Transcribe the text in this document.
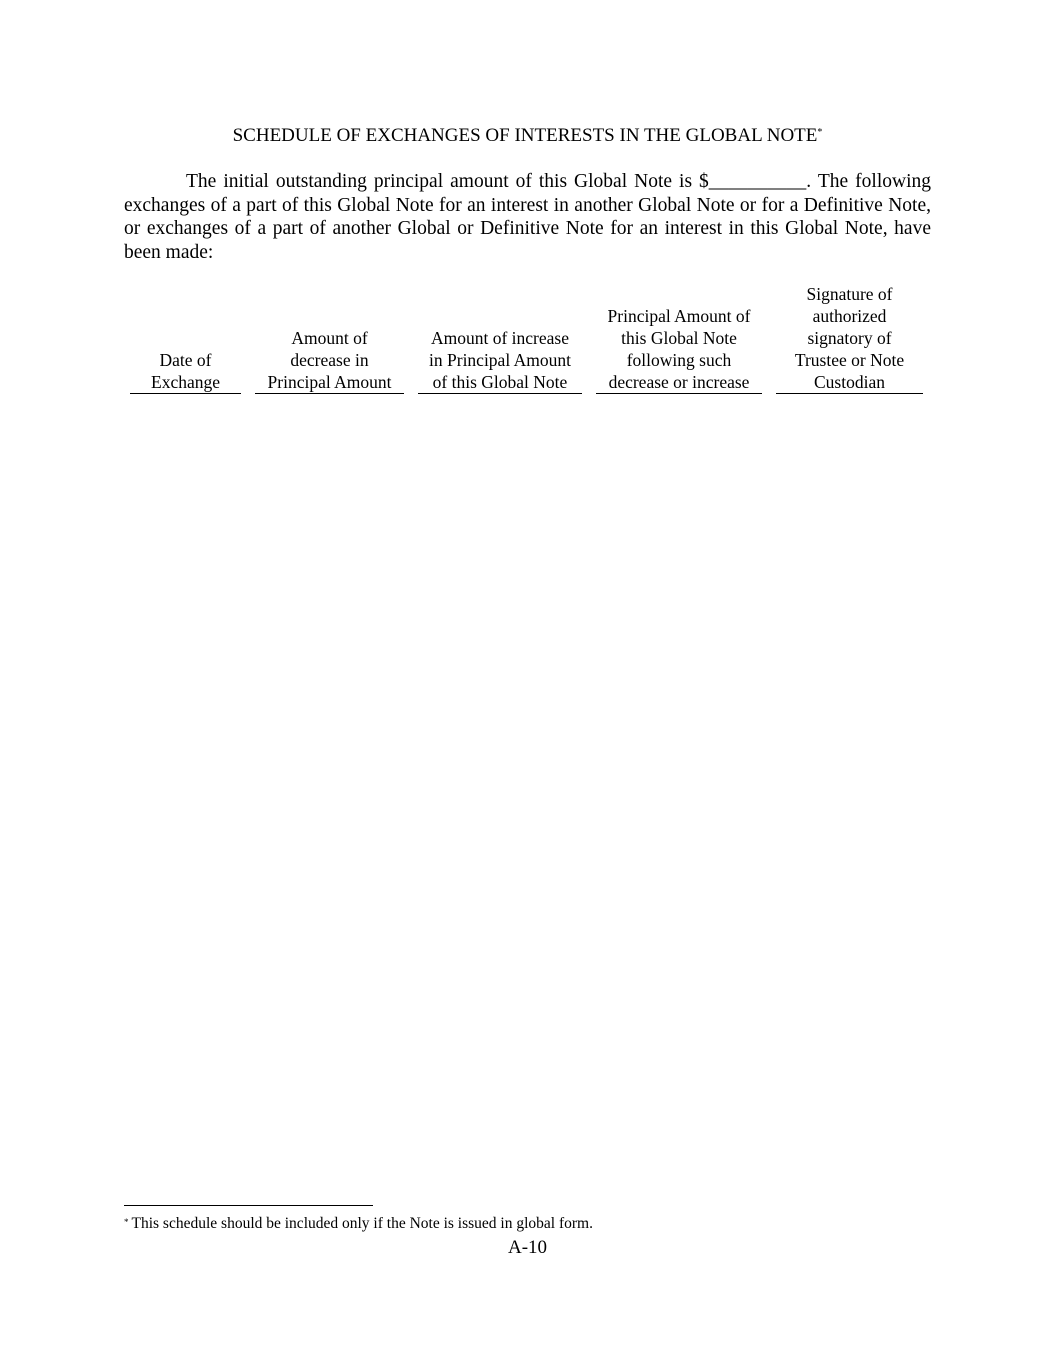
SCHEDULE OF EXCHANGES OF INTERESTS IN THE GLOBAL NOTE*

The initial outstanding principal amount of this Global Note is $__________. The following exchanges of a part of this Global Note for an interest in another Global Note or for a Definitive Note, or exchanges of a part of another Global or Definitive Note for an interest in this Global Note, have been made:

Date of
Exchange
Amount of
decrease in
Principal Amount
Amount of increase
in Principal Amount
of this Global Note
Principal Amount of
this Global Note
following such
decrease or increase
Signature of
authorized
signatory of
Trustee or Note
Custodian
* This schedule should be included only if the Note is issued in global form.
A-10
